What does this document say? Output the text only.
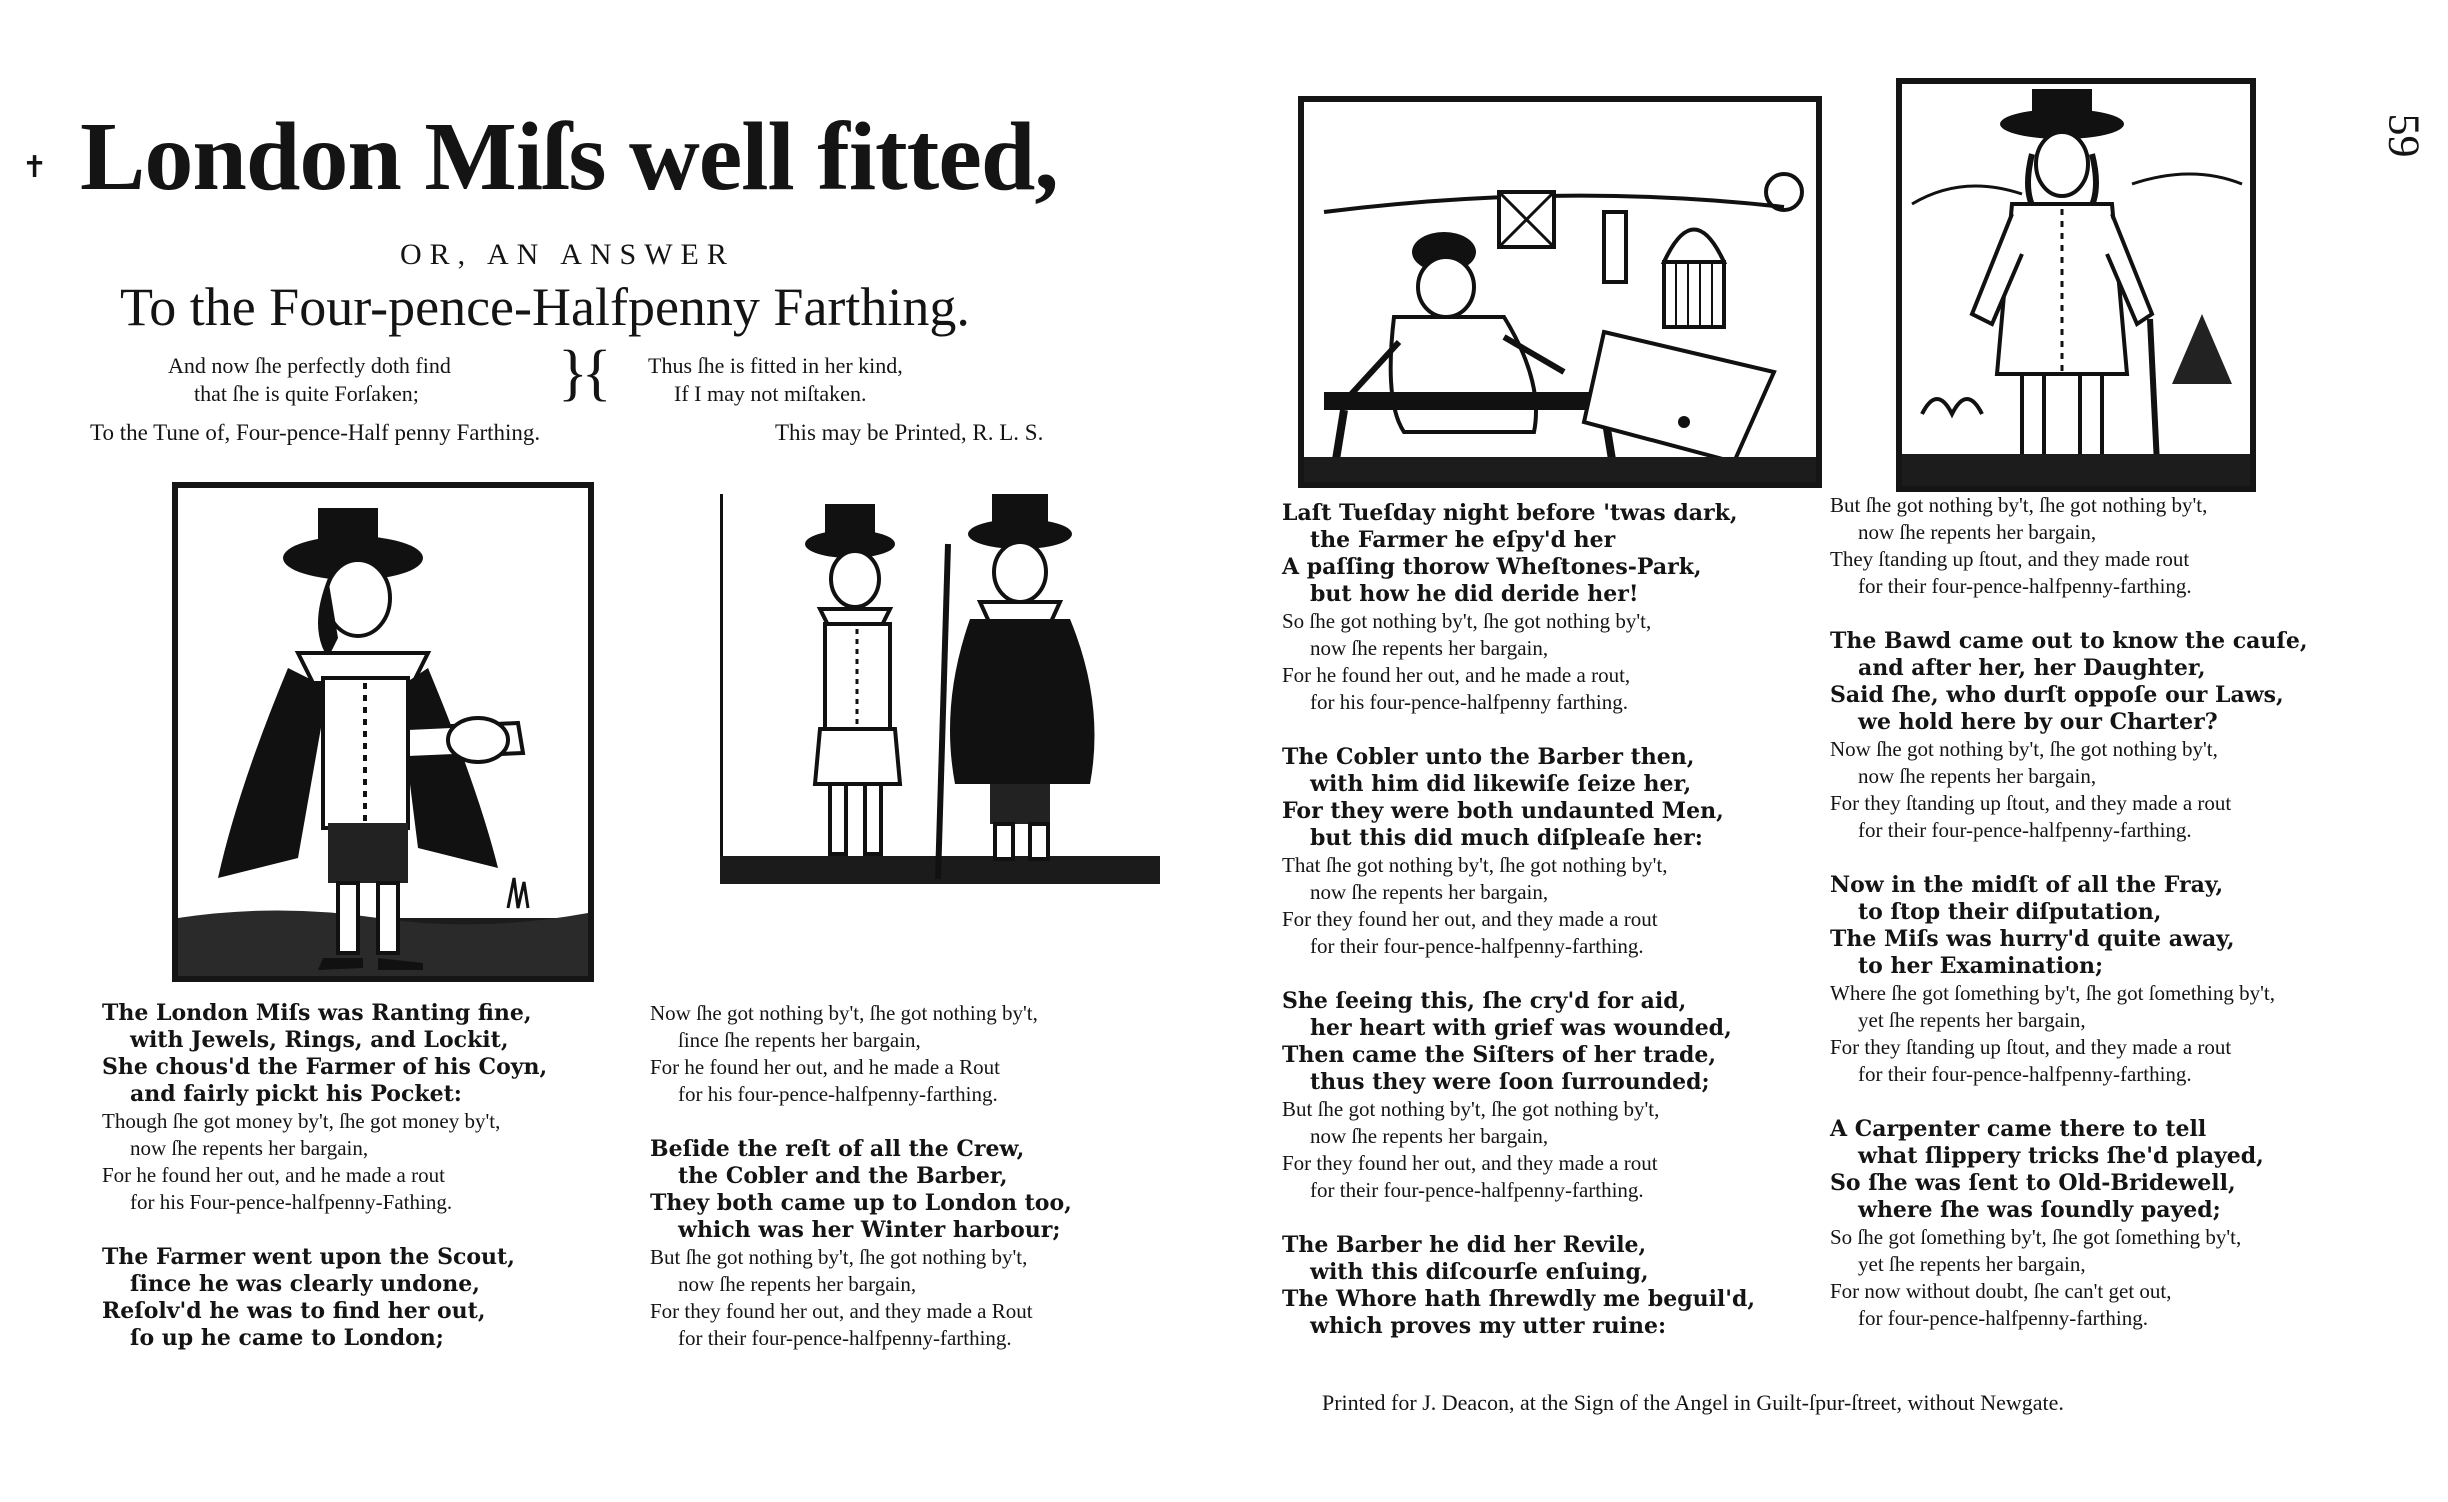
✝
59
London Miſs well fitted,
OR, AN ANSWER
To the Four-pence-Halfpenny Farthing.
And now ſhe perfectly doth find
that ſhe is quite Forſaken;	}{ Thus ſhe is fitted in her kind,
If I may not miſtaken.
To the Tune of, Four-pence-Half penny Farthing.	This may be Printed, R. L. S.
The London Miſs was Ranting fine,
with Jewels, Rings, and Lockit,
She chous'd the Farmer of his Coyn,
and fairly pickt his Pocket:
Though ſhe got money by't, ſhe got money by't,
now ſhe repents her bargain,
For he found her out, and he made a rout
for his Four-pence-halfpenny-Fathing.
The Farmer went upon the Scout,
ſince he was clearly undone,
Reſolv'd he was to find her out,
ſo up he came to London;
Now ſhe got nothing by't, ſhe got nothing by't,
ſince ſhe repents her bargain,
For he found her out, and he made a Rout
for his four-pence-halfpenny-farthing.
Beſide the reſt of all the Crew,
the Cobler and the Barber,
They both came up to London too,
which was her Winter harbour;
But ſhe got nothing by't, ſhe got nothing by't,
now ſhe repents her bargain,
For they found her out, and they made a Rout
for their four-pence-halfpenny-farthing.
Laſt Tueſday night before 'twas dark,
the Farmer he eſpy'd her
A paſſing thorow Wheſtones-Park,
but how he did deride her!
So ſhe got nothing by't, ſhe got nothing by't,
now ſhe repents her bargain,
For he found her out, and he made a rout,
for his four-pence-halfpenny farthing.
The Cobler unto the Barber then,
with him did likewiſe ſeize her,
For they were both undaunted Men,
but this did much diſpleaſe her:
That ſhe got nothing by't, ſhe got nothing by't,
now ſhe repents her bargain,
For they found her out, and they made a rout
for their four-pence-halfpenny-farthing.
She ſeeing this, ſhe cry'd for aid,
her heart with grief was wounded,
Then came the Siſters of her trade,
thus they were ſoon ſurrounded;
But ſhe got nothing by't, ſhe got nothing by't,
now ſhe repents her bargain,
For they found her out, and they made a rout
for their four-pence-halfpenny-farthing.
The Barber he did her Revile,
with this diſcourſe enſuing,
The Whore hath ſhrewdly me beguil'd,
which proves my utter ruine:
But ſhe got nothing by't, ſhe got nothing by't,
now ſhe repents her bargain,
They ſtanding up ſtout, and they made rout
for their four-pence-halfpenny-farthing.
The Bawd came out to know the cauſe,
and after her, her Daughter,
Said ſhe, who durſt oppoſe our Laws,
we hold here by our Charter?
Now ſhe got nothing by't, ſhe got nothing by't,
now ſhe repents her bargain,
For they ſtanding up ſtout, and they made a rout
for their four-pence-halfpenny-farthing.
Now in the midſt of all the Fray,
to ſtop their diſputation,
The Miſs was hurry'd quite away,
to her Examination;
Where ſhe got ſomething by't, ſhe got ſomething by't,
yet ſhe repents her bargain,
For they ſtanding up ſtout, and they made a rout
for their four-pence-halfpenny-farthing.
A Carpenter came there to tell
what ſlippery tricks ſhe'd played,
So ſhe was ſent to Old-Bridewell,
where ſhe was ſoundly payed;
So ſhe got ſomething by't, ſhe got ſomething by't,
yet ſhe repents her bargain,
For now without doubt, ſhe can't get out,
for four-pence-halfpenny-farthing.
Printed for J. Deacon, at the Sign of the Angel in Guilt-ſpur-ſtreet, without Newgate.
